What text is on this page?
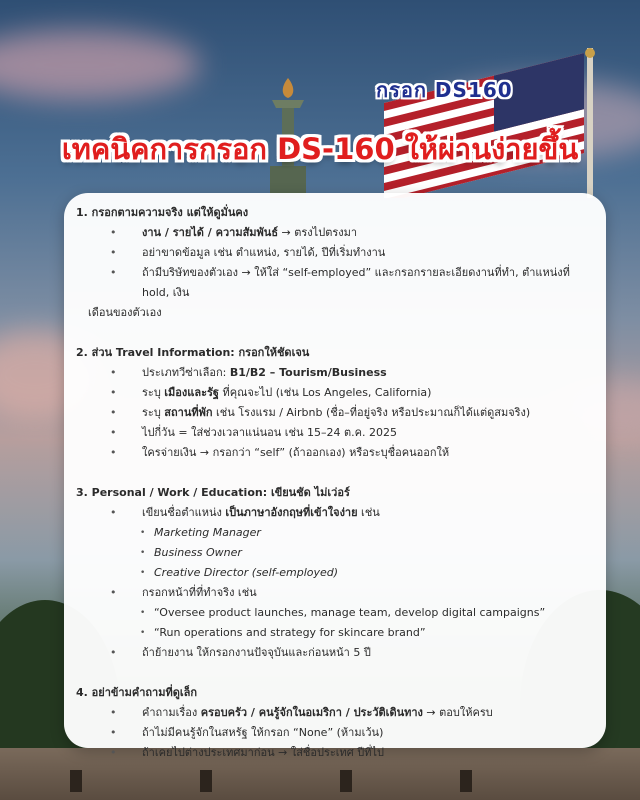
กรอก DS160
เทคนิคการกรอก DS-160 ให้ผ่านง่ายขึ้น

1. กรอกตามความจริง แต่ให้ดูมั่นคง

• งาน / รายได้ / ความสัมพันธ์ → ตรงไปตรงมา
• อย่าขาดข้อมูล เช่น ตำแหน่ง, รายได้, ปีที่เริ่มทำงาน
• ถ้ามีบริษัทของตัวเอง → ให้ใส่ “self-employed” และกรอกรายละเอียดงานที่ทำ, ตำแหน่งที่ hold, เงิน
เดือนของตัวเอง

2. ส่วน Travel Information: กรอกให้ชัดเจน

• ประเภทวีซ่าเลือก: B1/B2 – Tourism/Business
• ระบุ เมืองและรัฐ ที่คุณจะไป (เช่น Los Angeles, California)
• ระบุ สถานที่พัก เช่น โรงแรม / Airbnb (ชื่อ–ที่อยู่จริง หรือประมาณก็ได้แต่ดูสมจริง)
• ไปกี่วัน = ใส่ช่วงเวลาแน่นอน เช่น 15–24 ต.ค. 2025
• ใครจ่ายเงิน → กรอกว่า “self” (ถ้าออกเอง) หรือระบุชื่อคนออกให้

3. Personal / Work / Education: เขียนชัด ไม่เว่อร์

• เขียนชื่อตำแหน่ง เป็นภาษาอังกฤษที่เข้าใจง่าย เช่น
• Marketing Manager
• Business Owner
• Creative Director (self-employed)
• กรอกหน้าที่ที่ทำจริง เช่น
• “Oversee product launches, manage team, develop digital campaigns”
• “Run operations and strategy for skincare brand”
• ถ้าย้ายงาน ให้กรอกงานปัจจุบันและก่อนหน้า 5 ปี

4. อย่าข้ามคำถามที่ดูเล็ก

• คำถามเรื่อง ครอบครัว / คนรู้จักในอเมริกา / ประวัติเดินทาง → ตอบให้ครบ
• ถ้าไม่มีคนรู้จักในสหรัฐ ให้กรอก “None” (ห้ามเว้น)
• ถ้าเคยไปต่างประเทศมาก่อน → ใส่ชื่อประเทศ ปีที่ไป
